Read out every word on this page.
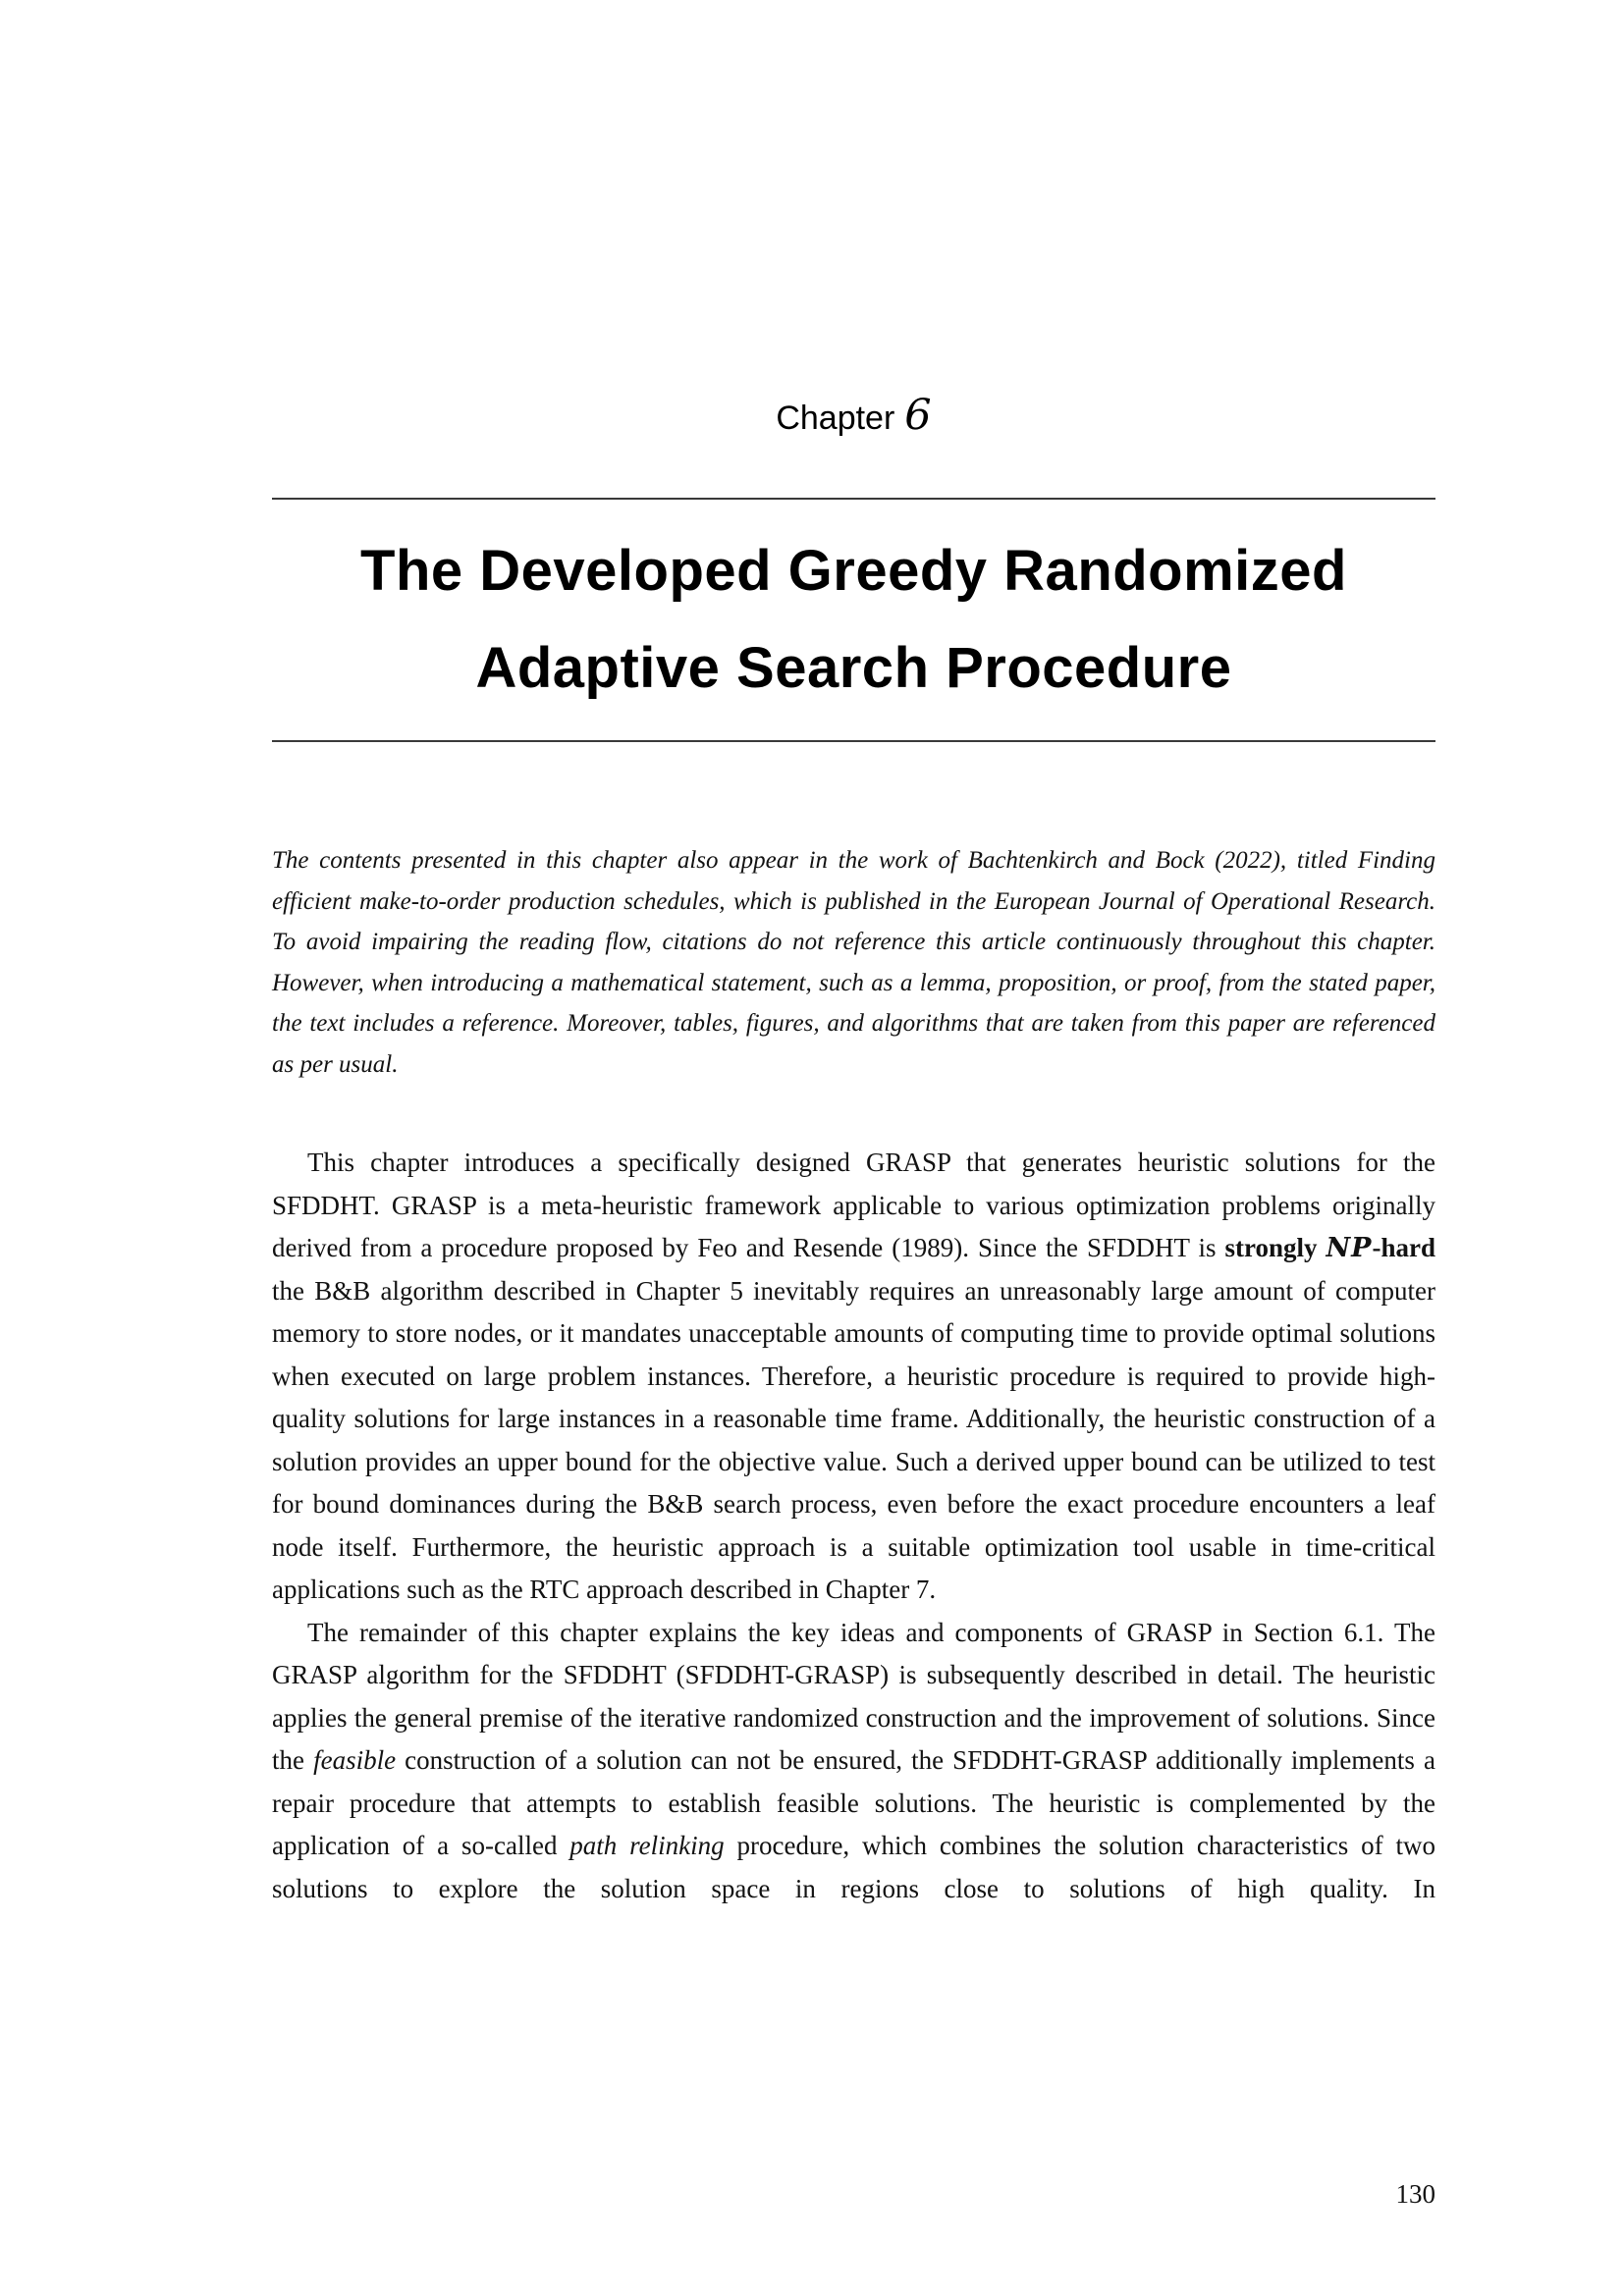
Chapter 6
The Developed Greedy Randomized
Adaptive Search Procedure

The contents presented in this chapter also appear in the work of Bachtenkirch and Bock (2022), titled Finding efficient make-to-order production schedules, which is published in the European Journal of Operational Research. To avoid impairing the reading flow, citations do not reference this article continuously throughout this chapter. However, when introducing a mathematical statement, such as a lemma, proposition, or proof, from the stated paper, the text includes a reference. Moreover, tables, figures, and algorithms that are taken from this paper are referenced as per usual.

This chapter introduces a specifically designed GRASP that generates heuristic solutions for the SFDDHT. GRASP is a meta-heuristic framework applicable to various optimization problems originally derived from a procedure proposed by Feo and Resende (1989). Since the SFDDHT is strongly NP-hard the B&B algorithm described in Chapter 5 inevitably requires an unreasonably large amount of computer memory to store nodes, or it mandates unacceptable amounts of computing time to provide optimal solutions when executed on large problem instances. Therefore, a heuristic procedure is required to provide high-quality solutions for large instances in a reasonable time frame. Additionally, the heuristic construction of a solution provides an upper bound for the objective value. Such a derived upper bound can be utilized to test for bound dominances during the B&B search process, even before the exact procedure encounters a leaf node itself. Furthermore, the heuristic approach is a suitable optimization tool usable in time-critical applications such as the RTC approach described in Chapter 7.

The remainder of this chapter explains the key ideas and components of GRASP in Section 6.1. The GRASP algorithm for the SFDDHT (SFDDHT-GRASP) is subsequently described in detail. The heuristic applies the general premise of the iterative randomized construction and the improvement of solutions. Since the feasible construction of a solution can not be ensured, the SFDDHT-GRASP additionally implements a repair procedure that attempts to establish feasible solutions. The heuristic is complemented by the application of a so-called path relinking procedure, which combines the solution characteristics of two solutions to explore the solution space in regions close to solutions of high quality. In

130
